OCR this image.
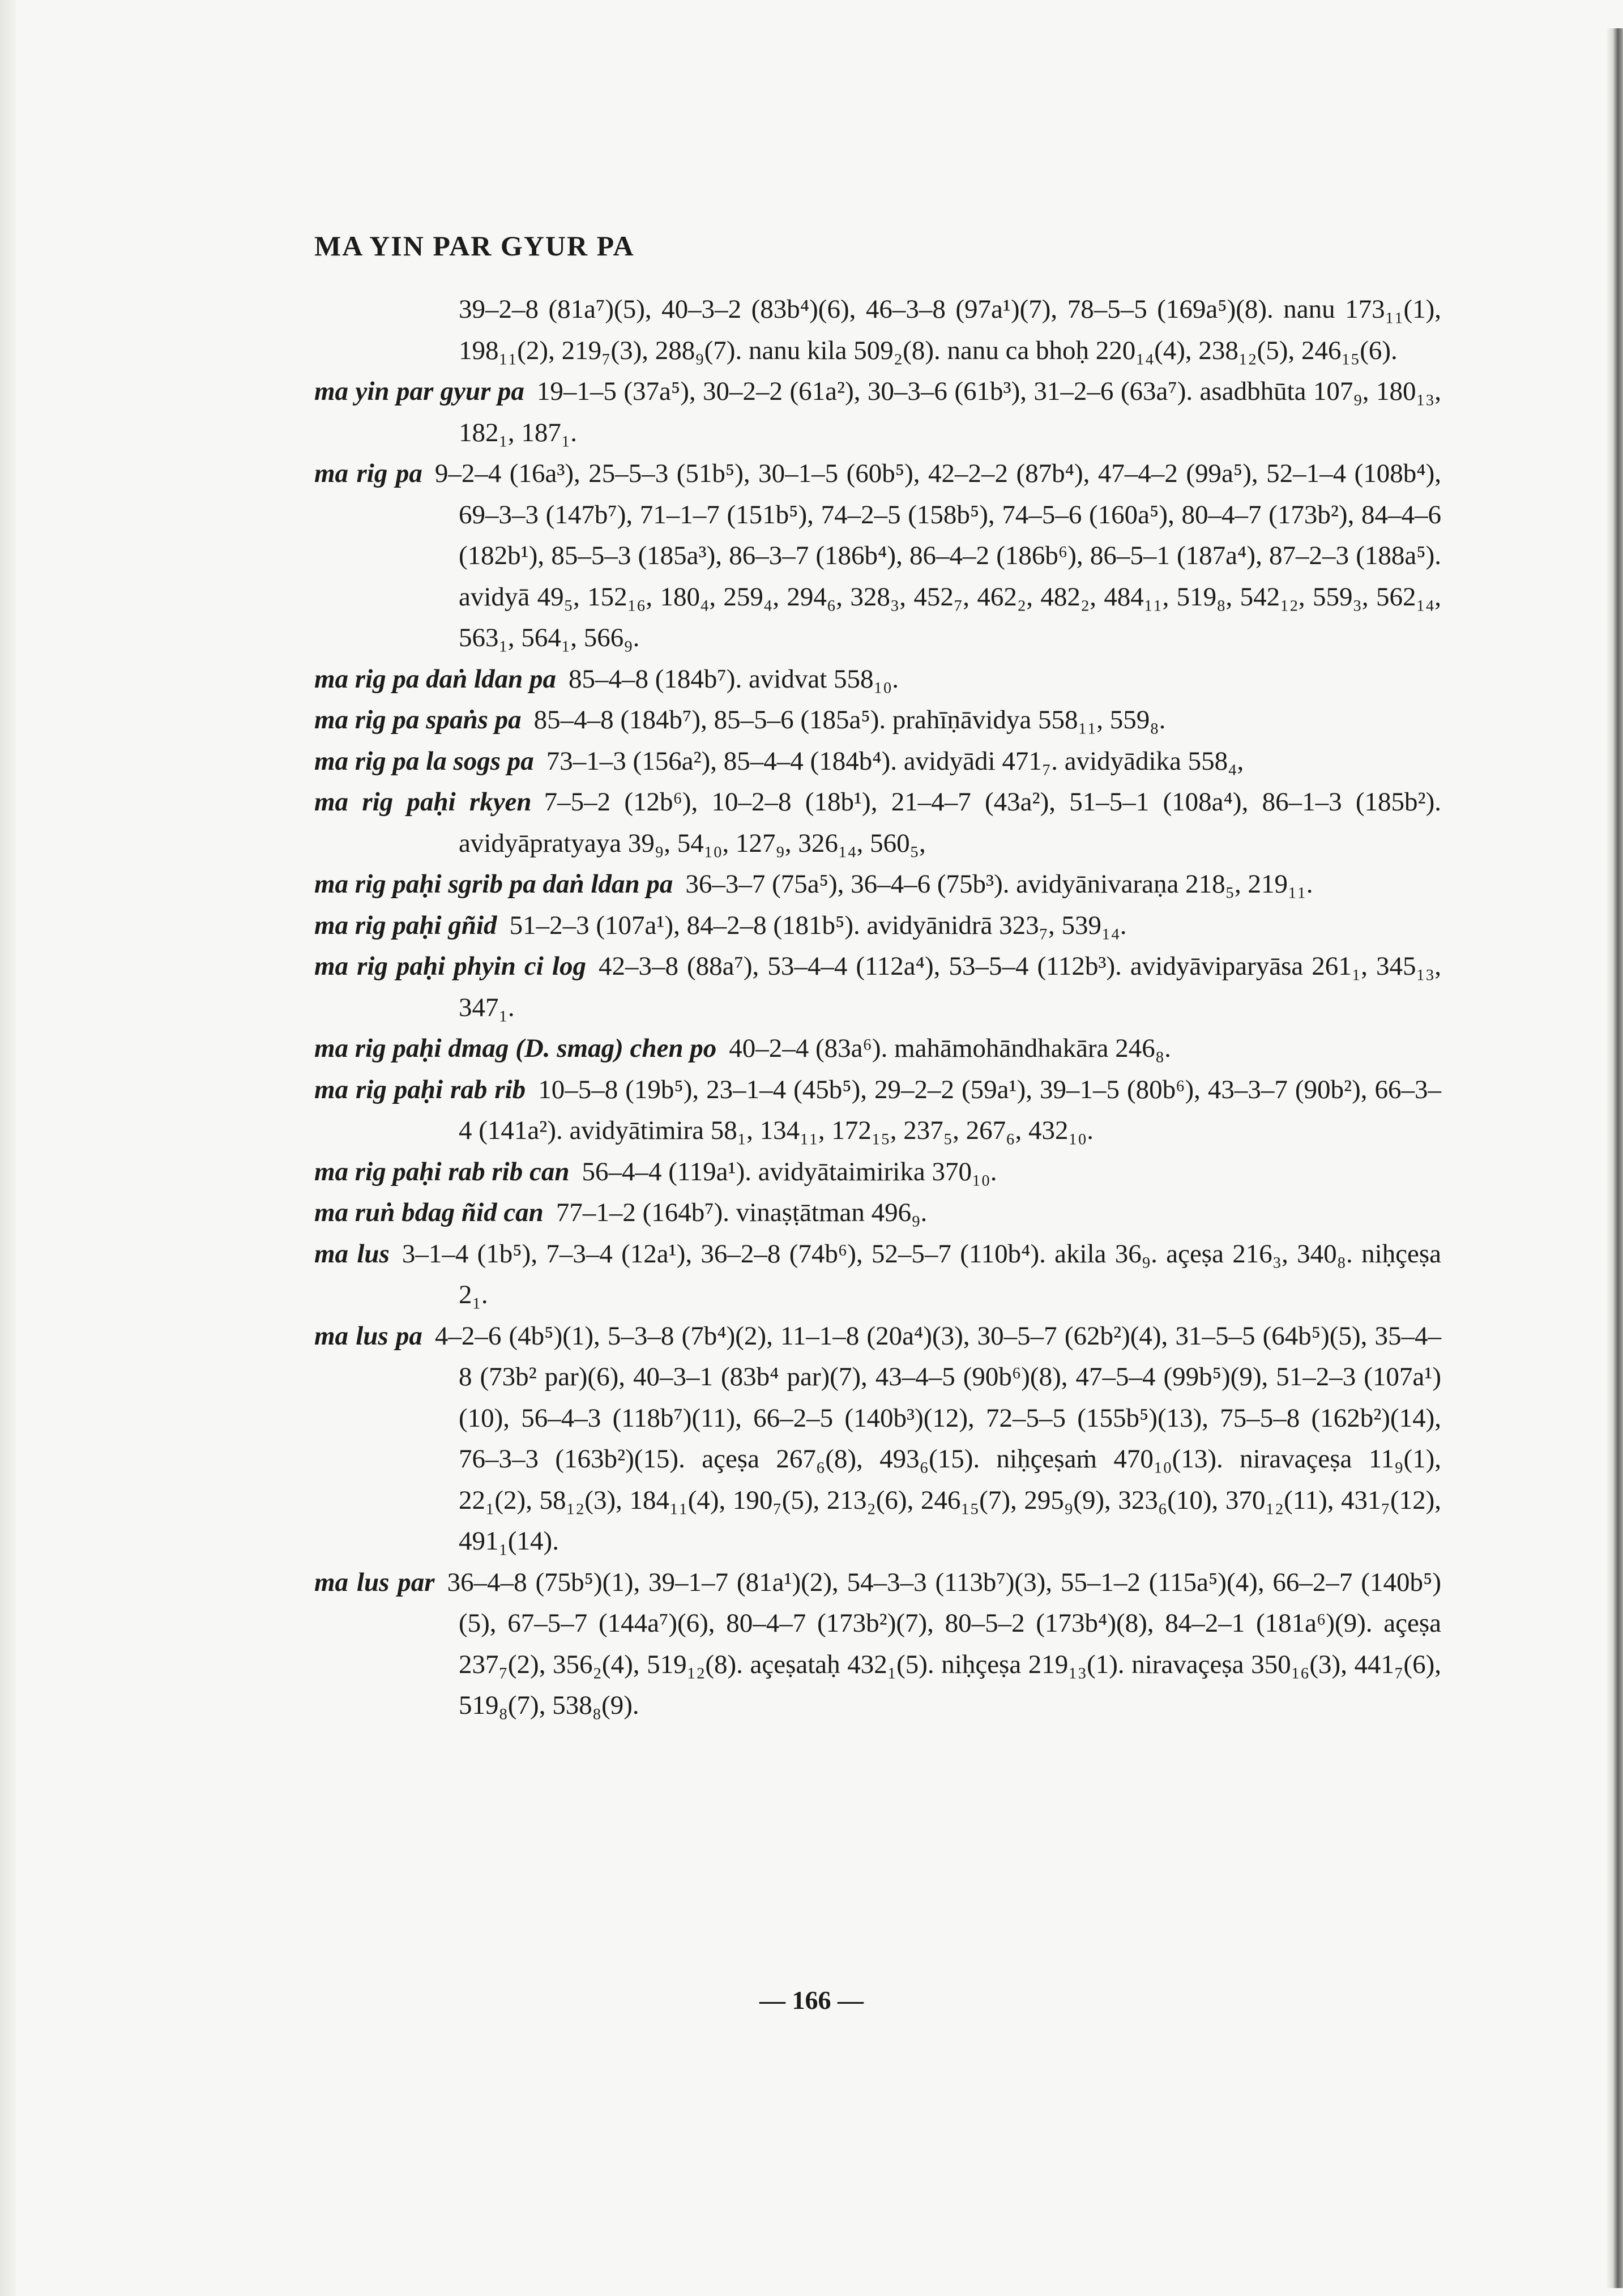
MA YIN PAR GYUR PA
39–2–8 (81a⁷)(5), 40–3–2 (83b⁴)(6), 46–3–8 (97a¹)(7), 78–5–5 (169a⁵)(8). nanu 173₁₁(1), 198₁₁(2), 219₇(3), 288₉(7). nanu kila 509₂(8). nanu ca bhoḥ 220₁₄(4), 238₁₂(5), 246₁₅(6).
ma yin par gyur pa 19–1–5 (37a⁵), 30–2–2 (61a²), 30–3–6 (61b³), 31–2–6 (63a⁷). asadbhūta 107₉, 180₁₃, 182₁, 187₁.
ma rig pa 9–2–4 (16a³), 25–5–3 (51b⁵), 30–1–5 (60b⁵), 42–2–2 (87b⁴), 47–4–2 (99a⁵), 52–1–4 (108b⁴), 69–3–3 (147b⁷), 71–1–7 (151b⁵), 74–2–5 (158b⁵), 74–5–6 (160a⁵), 80–4–7 (173b²), 84–4–6 (182b¹), 85–5–3 (185a³), 86–3–7 (186b⁴), 86–4–2 (186b⁶), 86–5–1 (187a⁴), 87–2–3 (188a⁵). avidyā 49₅, 152₁₆, 180₄, 259₄, 294₆, 328₃, 452₇, 462₂, 482₂, 484₁₁, 519₈, 542₁₂, 559₃, 562₁₄, 563₁, 564₁, 566₉.
ma rig pa daṅ ldan pa 85–4–8 (184b⁷). avidvat 558₁₀.
ma rig pa spaṅs pa 85–4–8 (184b⁷), 85–5–6 (185a⁵). prahīṇāvidya 558₁₁, 559₈.
ma rig pa la sogs pa 73–1–3 (156a²), 85–4–4 (184b⁴). avidyādi 471₇. avidyādika 558₄,
ma rig paḥi rkyen 7–5–2 (12b⁶), 10–2–8 (18b¹), 21–4–7 (43a²), 51–5–1 (108a⁴), 86–1–3 (185b²). avidyāpratyaya 39₉, 54₁₀, 127₉, 326₁₄, 560₅,
ma rig paḥi sgrib pa daṅ ldan pa 36–3–7 (75a⁵), 36–4–6 (75b³). avidyānivaraṇa 218₅, 219₁₁.
ma rig paḥi gñid 51–2–3 (107a¹), 84–2–8 (181b⁵). avidyānidrā 323₇, 539₁₄.
ma rig paḥi phyin ci log 42–3–8 (88a⁷), 53–4–4 (112a⁴), 53–5–4 (112b³). avidyāviparyāsa 261₁, 345₁₃, 347₁.
ma rig paḥi dmag (D. smag) chen po 40–2–4 (83a⁶). mahāmohāndhakāra 246₈.
ma rig paḥi rab rib 10–5–8 (19b⁵), 23–1–4 (45b⁵), 29–2–2 (59a¹), 39–1–5 (80b⁶), 43–3–7 (90b²), 66–3–4 (141a²). avidyātimira 58₁, 134₁₁, 172₁₅, 237₅, 267₆, 432₁₀.
ma rig paḥi rab rib can 56–4–4 (119a¹). avidyātaimirika 370₁₀.
ma ruṅ bdag ñid can 77–1–2 (164b⁷). vinaṣṭātman 496₉.
ma lus 3–1–4 (1b⁵), 7–3–4 (12a¹), 36–2–8 (74b⁶), 52–5–7 (110b⁴). akila 36₉. açeṣa 216₃, 340₈. niḥçeṣa 2₁.
ma lus pa 4–2–6 (4b⁵)(1), 5–3–8 (7b⁴)(2), 11–1–8 (20a⁴)(3), 30–5–7 (62b²)(4), 31–5–5 (64b⁵)(5), 35–4–8 (73b² par)(6), 40–3–1 (83b⁴ par)(7), 43–4–5 (90b⁶)(8), 47–5–4 (99b⁵)(9), 51–2–3 (107a¹)(10), 56–4–3 (118b⁷)(11), 66–2–5 (140b³)(12), 72–5–5 (155b⁵)(13), 75–5–8 (162b²)(14), 76–3–3 (163b²)(15). açeṣa 267₆(8), 493₆(15). niḥçeṣaṁ 470₁₀(13). niravaçeṣa 11₉(1), 22₁(2), 58₁₂(3), 184₁₁(4), 190₇(5), 213₂(6), 246₁₅(7), 295₉(9), 323₆(10), 370₁₂(11), 431₇(12), 491₁(14).
ma lus par 36–4–8 (75b⁵)(1), 39–1–7 (81a¹)(2), 54–3–3 (113b⁷)(3), 55–1–2 (115a⁵)(4), 66–2–7 (140b⁵)(5), 67–5–7 (144a⁷)(6), 80–4–7 (173b²)(7), 80–5–2 (173b⁴)(8), 84–2–1 (181a⁶)(9). açeṣa 237₇(2), 356₂(4), 519₁₂(8). açeṣataḥ 432₁(5). niḥçeṣa 219₁₃(1). niravaçeṣa 350₁₆(3), 441₇(6), 519₈(7), 538₈(9).
— 166 —
